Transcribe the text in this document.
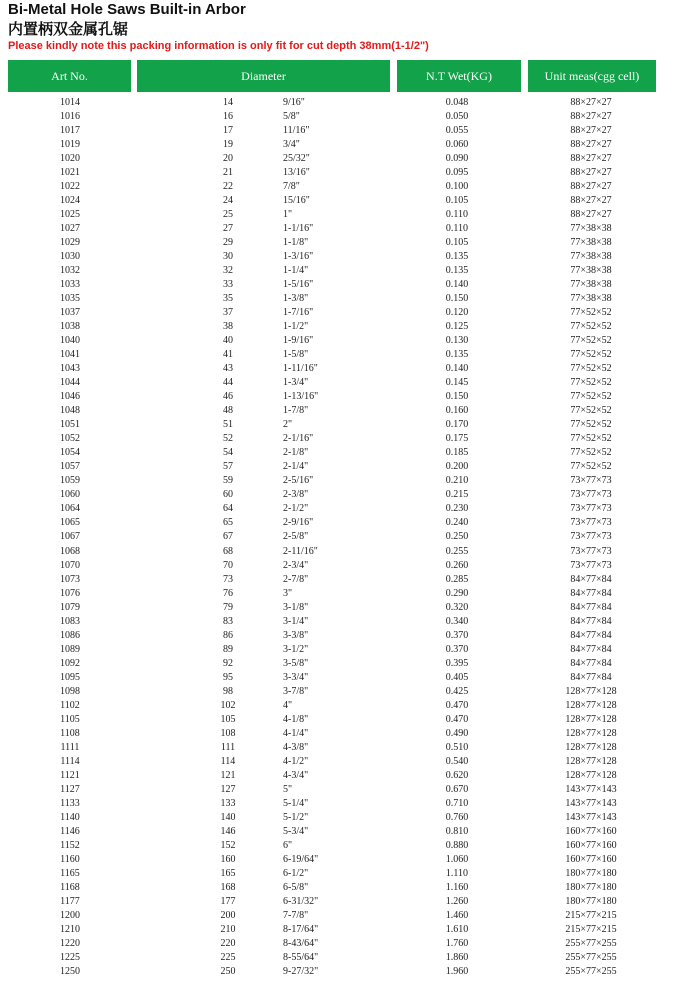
Bi-Metal Hole Saws Built-in Arbor
内置柄双金属孔锯
Please kindly note this packing information is only fit for cut depth 38mm(1-1/2")
Art No.	Diameter	N.T Wet(KG)	Unit meas(cgg cell)
1014	14	9/16"	0.048	88×27×27
1016	16	5/8"	0.050	88×27×27
1017	17	11/16"	0.055	88×27×27
1019	19	3/4"	0.060	88×27×27
1020	20	25/32"	0.090	88×27×27
1021	21	13/16"	0.095	88×27×27
1022	22	7/8"	0.100	88×27×27
1024	24	15/16"	0.105	88×27×27
1025	25	1"	0.110	88×27×27
1027	27	1-1/16"	0.110	77×38×38
1029	29	1-1/8"	0.105	77×38×38
1030	30	1-3/16"	0.135	77×38×38
1032	32	1-1/4"	0.135	77×38×38
1033	33	1-5/16"	0.140	77×38×38
1035	35	1-3/8"	0.150	77×38×38
1037	37	1-7/16"	0.120	77×52×52
1038	38	1-1/2"	0.125	77×52×52
1040	40	1-9/16"	0.130	77×52×52
1041	41	1-5/8"	0.135	77×52×52
1043	43	1-11/16"	0.140	77×52×52
1044	44	1-3/4"	0.145	77×52×52
1046	46	1-13/16"	0.150	77×52×52
1048	48	1-7/8"	0.160	77×52×52
1051	51	2"	0.170	77×52×52
1052	52	2-1/16"	0.175	77×52×52
1054	54	2-1/8"	0.185	77×52×52
1057	57	2-1/4"	0.200	77×52×52
1059	59	2-5/16"	0.210	73×77×73
1060	60	2-3/8"	0.215	73×77×73
1064	64	2-1/2"	0.230	73×77×73
1065	65	2-9/16"	0.240	73×77×73
1067	67	2-5/8"	0.250	73×77×73
1068	68	2-11/16"	0.255	73×77×73
1070	70	2-3/4"	0.260	73×77×73
1073	73	2-7/8"	0.285	84×77×84
1076	76	3"	0.290	84×77×84
1079	79	3-1/8"	0.320	84×77×84
1083	83	3-1/4"	0.340	84×77×84
1086	86	3-3/8"	0.370	84×77×84
1089	89	3-1/2"	0.370	84×77×84
1092	92	3-5/8"	0.395	84×77×84
1095	95	3-3/4"	0.405	84×77×84
1098	98	3-7/8"	0.425	128×77×128
1102	102	4"	0.470	128×77×128
1105	105	4-1/8"	0.470	128×77×128
1108	108	4-1/4"	0.490	128×77×128
1111	111	4-3/8"	0.510	128×77×128
1114	114	4-1/2"	0.540	128×77×128
1121	121	4-3/4"	0.620	128×77×128
1127	127	5"	0.670	143×77×143
1133	133	5-1/4"	0.710	143×77×143
1140	140	5-1/2"	0.760	143×77×143
1146	146	5-3/4"	0.810	160×77×160
1152	152	6"	0.880	160×77×160
1160	160	6-19/64"	1.060	160×77×160
1165	165	6-1/2"	1.110	180×77×180
1168	168	6-5/8"	1.160	180×77×180
1177	177	6-31/32"	1.260	180×77×180
1200	200	7-7/8"	1.460	215×77×215
1210	210	8-17/64"	1.610	215×77×215
1220	220	8-43/64"	1.760	255×77×255
1225	225	8-55/64"	1.860	255×77×255
1250	250	9-27/32"	1.960	255×77×255
